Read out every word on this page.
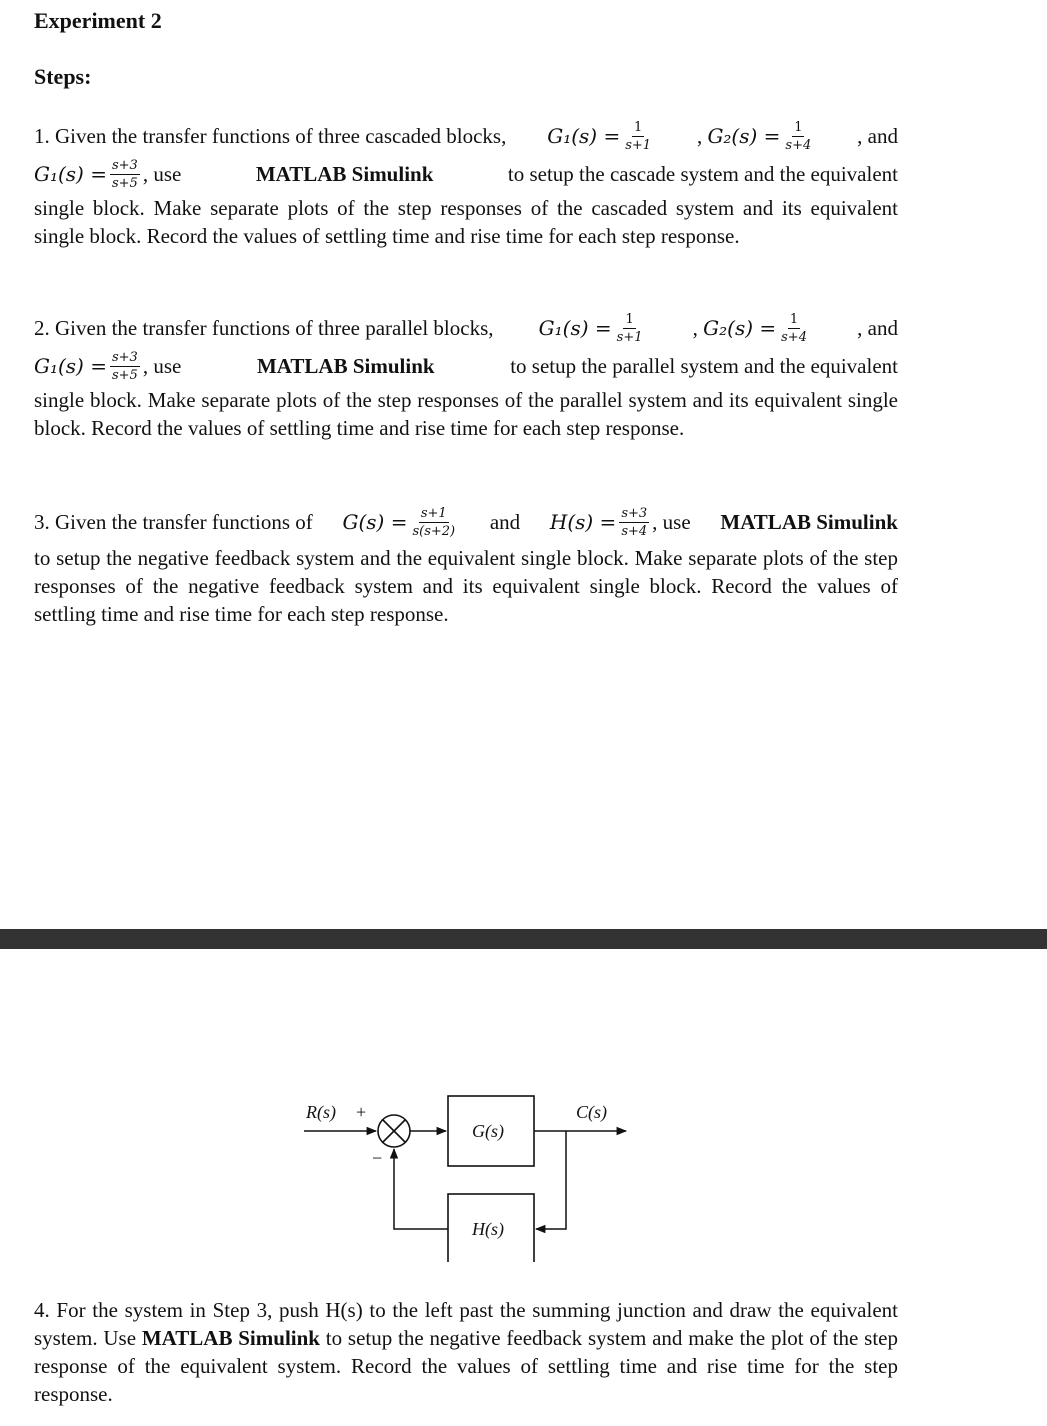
Experiment 2
Steps:
1. Given the transfer functions of three cascaded blocks, $G_1(s) = \frac{1}{s+1}$ , $G_2(s) = \frac{1}{s+4}$ , and
$G_1(s) = \frac{s+3}{s+5}$ , use	MATLAB Simulink	to setup the cascade system and the equivalent
single block. Make separate plots of the step responses of the cascaded system and its equivalent single block. Record the values of settling time and rise time for each step response.
2. Given the transfer functions of three parallel blocks, $G_1(s) = \frac{1}{s+1}$ , $G_2(s) = \frac{1}{s+4}$ , and
$G_1(s) = \frac{s+3}{s+5}$ , use	MATLAB Simulink	to setup the parallel system and the equivalent
single block. Make separate plots of the step responses of the parallel system and its equivalent single block. Record the values of settling time and rise time for each step response.
3. Given the transfer functions of $G(s) = \frac{s+1}{s(s+2)}$ and $H(s) = \frac{s+3}{s+4}$ , use MATLAB Simulink
to setup the negative feedback system and the equivalent single block. Make separate plots of the step responses of the negative feedback system and its equivalent single block. Record the values of settling time and rise time for each step response.
R(s) +
−
G(s)
C(s)
H(s)
4. For the system in Step 3, push H(s) to the left past the summing junction and draw the equivalent system. Use MATLAB Simulink to setup the negative feedback system and make the plot of the step response of the equivalent system. Record the values of settling time and rise time for the step response.
